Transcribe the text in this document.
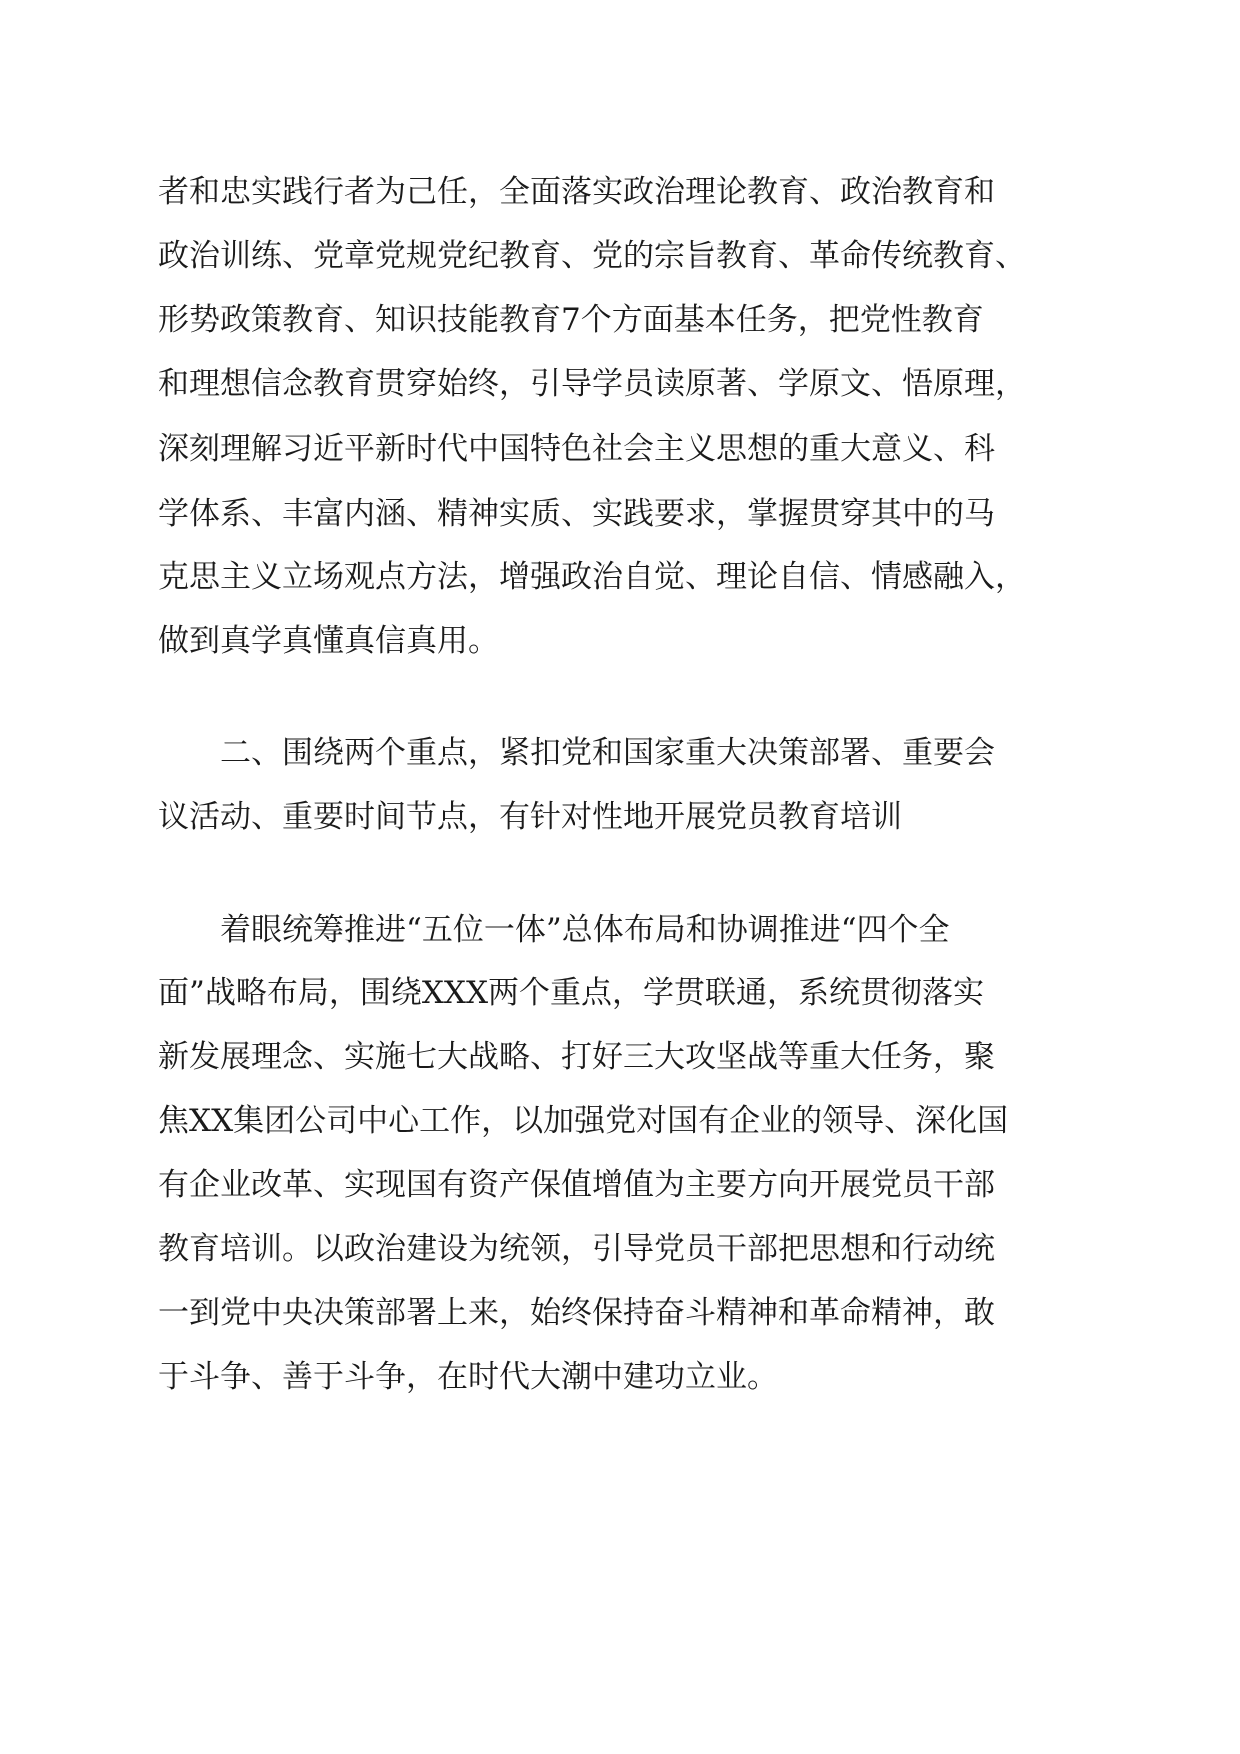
者和忠实践行者为己任，全面落实政治理论教育、政治教育和
政治训练、党章党规党纪教育、党的宗旨教育、革命传统教育、
形势政策教育、知识技能教育7个方面基本任务，把党性教育
和理想信念教育贯穿始终，引导学员读原著、学原文、悟原理，
深刻理解习近平新时代中国特色社会主义思想的重大意义、科
学体系、丰富内涵、精神实质、实践要求，掌握贯穿其中的马
克思主义立场观点方法，增强政治自觉、理论自信、情感融入，
做到真学真懂真信真用。
　　二、围绕两个重点，紧扣党和国家重大决策部署、重要会
议活动、重要时间节点，有针对性地开展党员教育培训
　　着眼统筹推进“五位一体”总体布局和协调推进“四个全
面”战略布局，围绕XXX两个重点，学贯联通，系统贯彻落实
新发展理念、实施七大战略、打好三大攻坚战等重大任务，聚
焦XX集团公司中心工作，以加强党对国有企业的领导、深化国
有企业改革、实现国有资产保值增值为主要方向开展党员干部
教育培训。以政治建设为统领，引导党员干部把思想和行动统
一到党中央决策部署上来，始终保持奋斗精神和革命精神，敢
于斗争、善于斗争，在时代大潮中建功立业。
